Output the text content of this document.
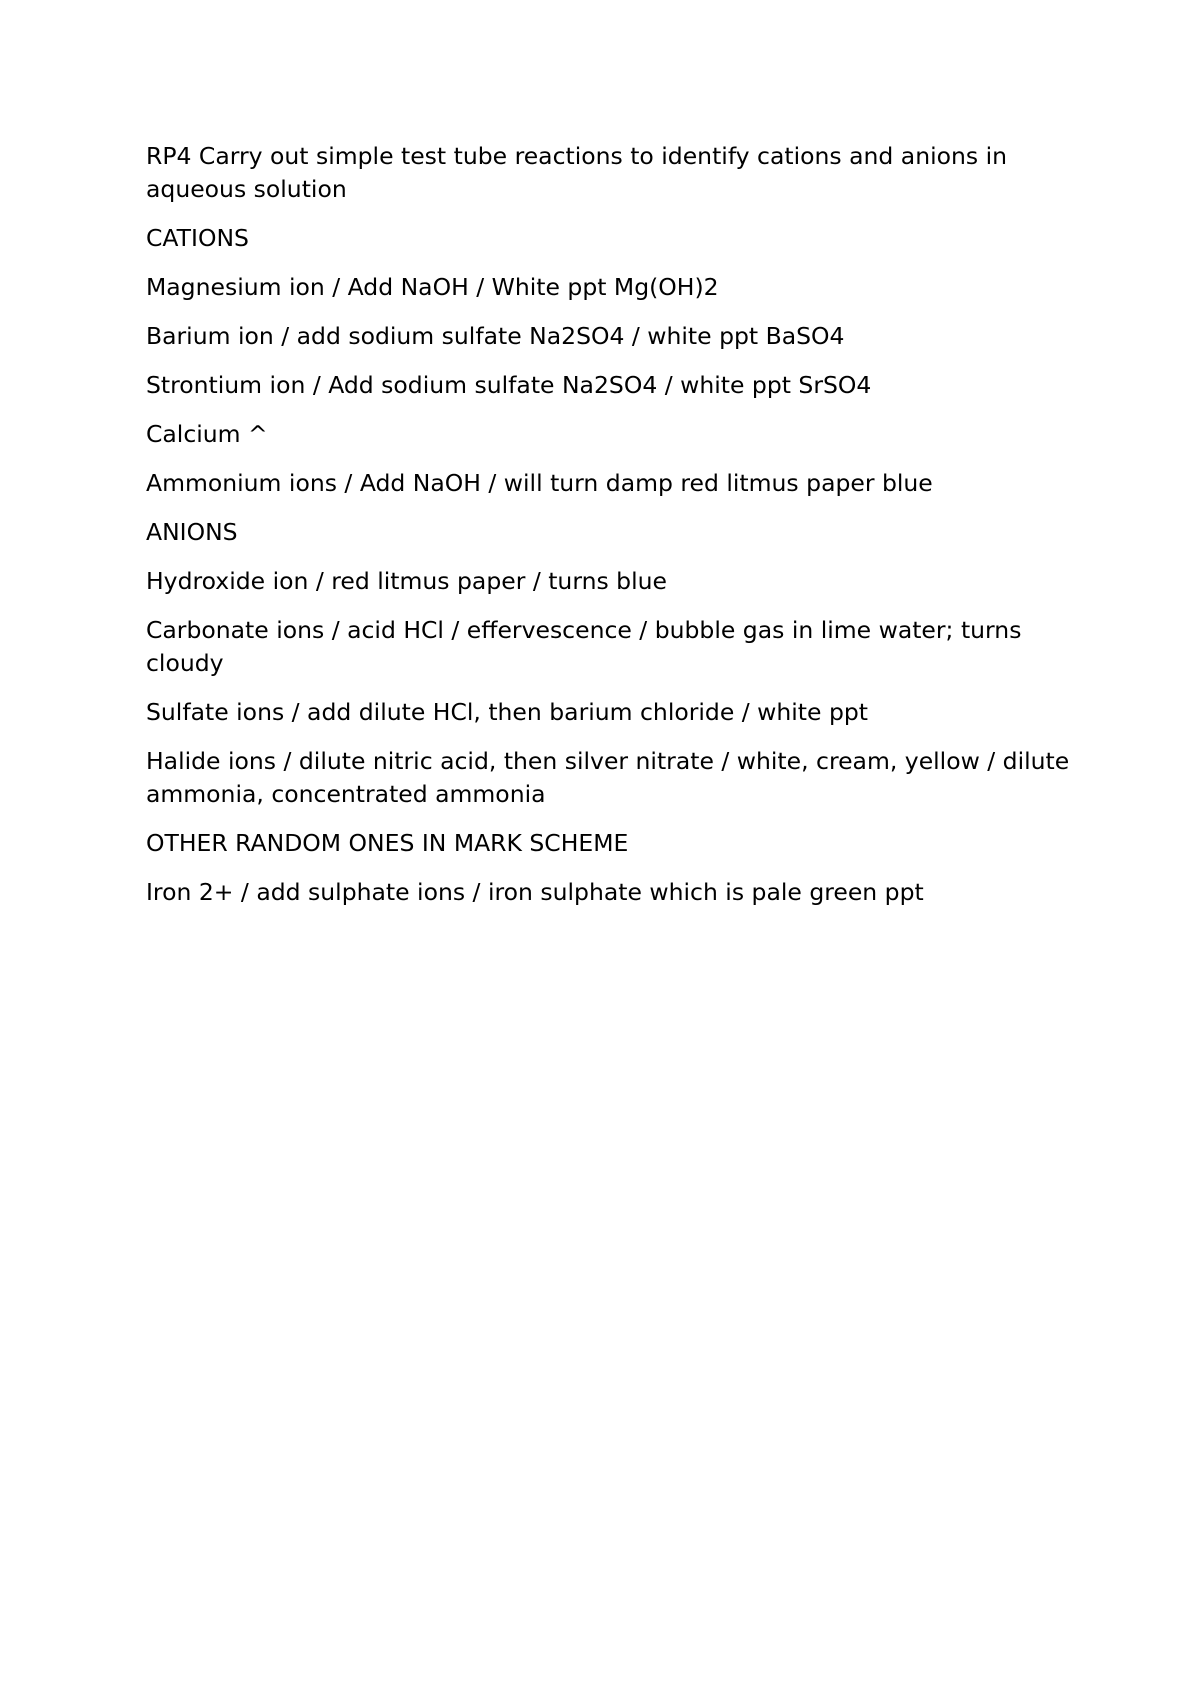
RP4 Carry out simple test tube reactions to identify cations and anions in aqueous solution

CATIONS

Magnesium ion / Add NaOH / White ppt Mg(OH)2

Barium ion / add sodium sulfate Na2SO4 / white ppt BaSO4

Strontium ion / Add sodium sulfate Na2SO4 / white ppt SrSO4

Calcium ^

Ammonium ions / Add NaOH / will turn damp red litmus paper blue

ANIONS

Hydroxide ion / red litmus paper / turns blue

Carbonate ions / acid HCl / effervescence / bubble gas in lime water; turns cloudy

Sulfate ions / add dilute HCl, then barium chloride / white ppt

Halide ions / dilute nitric acid, then silver nitrate / white, cream, yellow / dilute ammonia, concentrated ammonia

OTHER RANDOM ONES IN MARK SCHEME

Iron 2+ / add sulphate ions / iron sulphate which is pale green ppt
